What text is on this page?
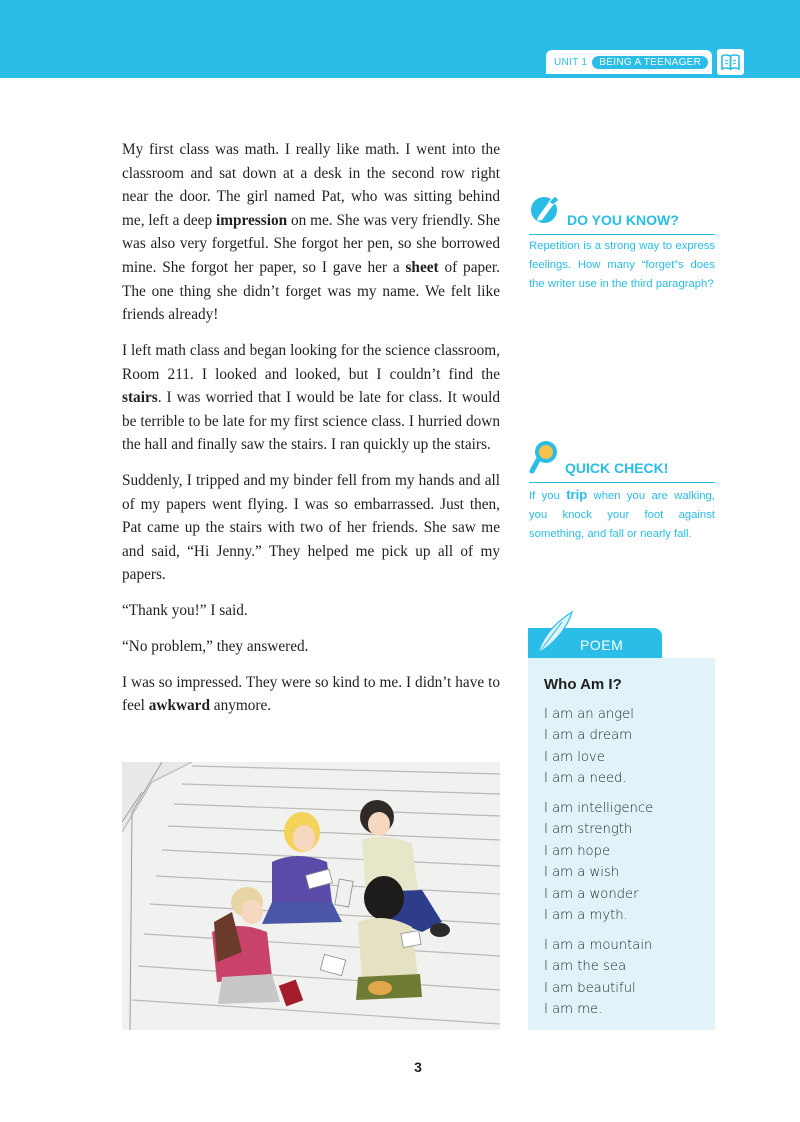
UNIT 1	BEING A TEENAGER

My first class was math. I really like math. I went into the classroom and sat down at a desk in the second row right near the door. The girl named Pat, who was sitting behind me, left a deep impression on me. She was very friendly. She was also very forgetful. She forgot her pen, so she borrowed mine. She forgot her paper, so I gave her a sheet of paper. The one thing she didn’t forget was my name. We felt like friends already!

I left math class and began looking for the science classroom, Room 211. I looked and looked, but I couldn’t find the stairs. I was worried that I would be late for class. It would be terrible to be late for my first science class. I hurried down the hall and finally saw the stairs. I ran quickly up the stairs.

Suddenly, I tripped and my binder fell from my hands and all of my papers went flying. I was so embarrassed. Just then, Pat came up the stairs with two of her friends. She saw me and said, “Hi Jenny.” They helped me pick up all of my papers.

“Thank you!” I said.

“No problem,” they answered.

I was so impressed. They were so kind to me. I didn’t have to feel awkward anymore.

DO YOU KNOW?
Repetition is a strong way to express feelings. How many “forget”s does the writer use in the third paragraph?
QUICK CHECK!
If you trip when you are walking, you knock your foot against something, and fall or nearly fall.
POEM
Who Am I?
I am an angel
I am a dream
I am love
I am a need.
I am intelligence
I am strength
I am hope
I am a wish
I am a wonder
I am a myth.
I am a mountain
I am the sea
I am beautiful
I am me.
3
